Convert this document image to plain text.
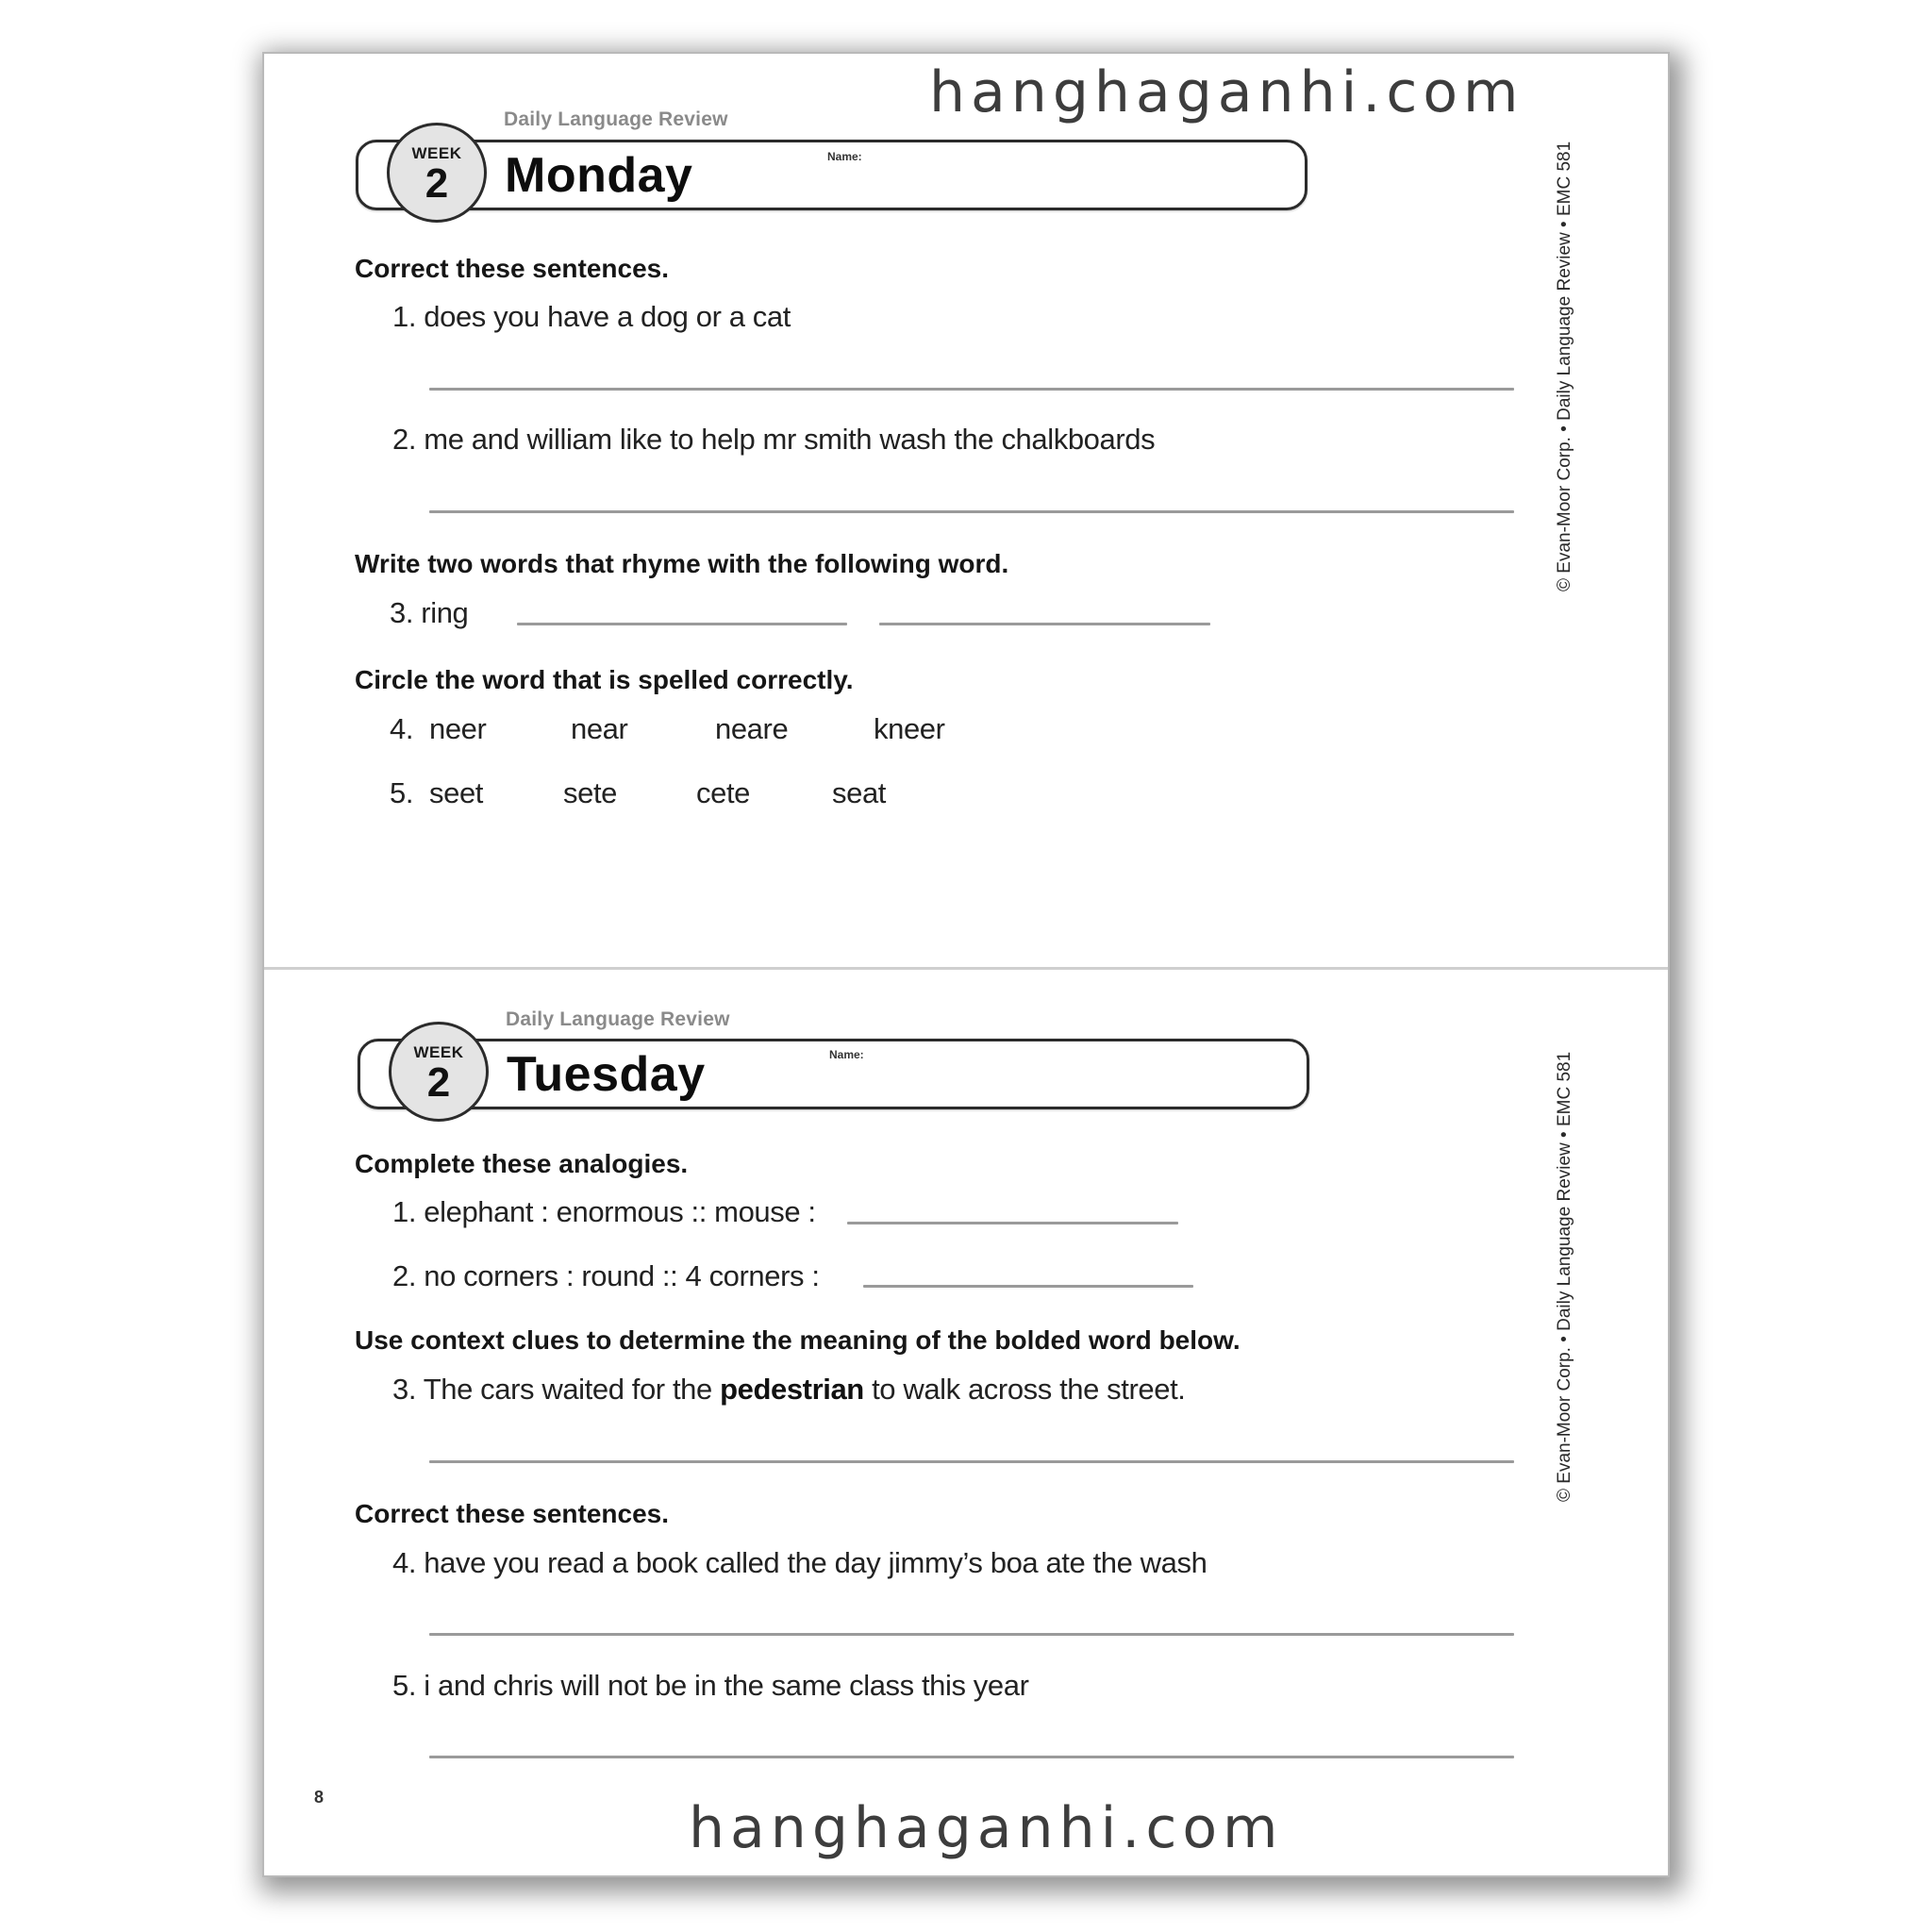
Daily Language Review
WEEK
2 Monday	Name:
Correct these sentences.
1. does you have a dog or a cat
2. me and william like to help mr smith wash the chalkboards
Write two words that rhyme with the following word.
3. ring
Circle the word that is spelled correctly.
4. neer	near	neare	kneer
5. seet	sete	cete	seat
© Evan-Moor Corp. • Daily Language Review • EMC 581
Daily Language Review
WEEK
2 Tuesday	Name:
Complete these analogies.
1. elephant : enormous :: mouse :
2. no corners : round :: 4 corners :
Use context clues to determine the meaning of the bolded word below.
3. The cars waited for the pedestrian to walk across the street.
Correct these sentences.
4. have you read a book called the day jimmy’s boa ate the wash
5. i and chris will not be in the same class this year
© Evan-Moor Corp. • Daily Language Review • EMC 581
8
hanghaganhi.com
hanghaganhi.com
